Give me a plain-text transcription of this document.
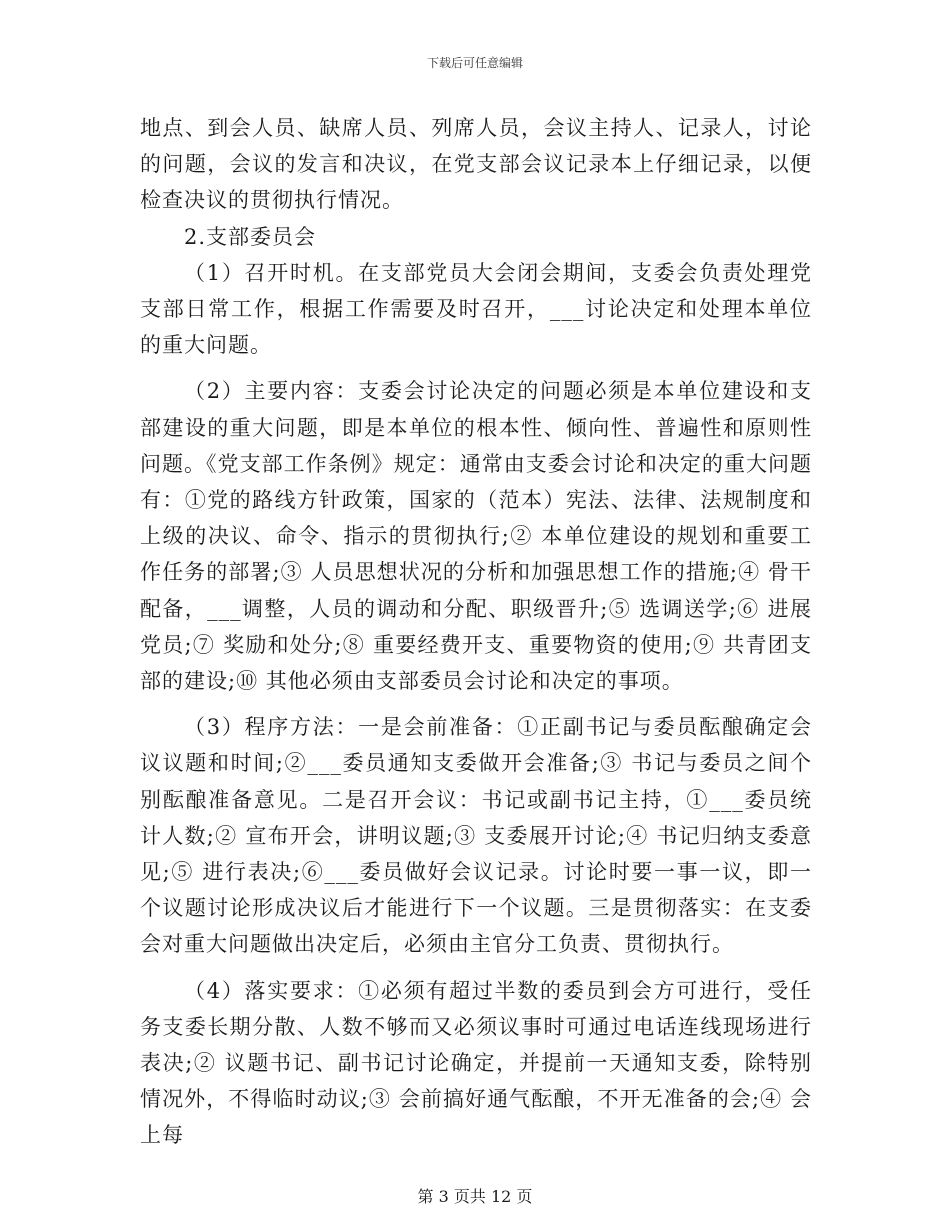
下载后可任意编辑

地点、到会人员、缺席人员、列席人员，会议主持人、记录人，讨论的问题，会议的发言和决议，在党支部会议记录本上仔细记录，以便检查决议的贯彻执行情况。

2.支部委员会

（1）召开时机。在支部党员大会闭会期间，支委会负责处理党支部日常工作，根据工作需要及时召开，___讨论决定和处理本单位的重大问题。

（2）主要内容：支委会讨论决定的问题必须是本单位建设和支部建设的重大问题，即是本单位的根本性、倾向性、普遍性和原则性问题。《党支部工作条例》规定：通常由支委会讨论和决定的重大问题有：①党的路线方针政策，国家的（范本）宪法、法律、法规制度和上级的决议、命令、指示的贯彻执行;② 本单位建设的规划和重要工作任务的部署;③ 人员思想状况的分析和加强思想工作的措施;④ 骨干配备，___调整，人员的调动和分配、职级晋升;⑤ 选调送学;⑥ 进展党员;⑦ 奖励和处分;⑧ 重要经费开支、重要物资的使用;⑨ 共青团支部的建设;⑩ 其他必须由支部委员会讨论和决定的事项。

（3）程序方法：一是会前准备：①正副书记与委员酝酿确定会议议题和时间;②___委员通知支委做开会准备;③ 书记与委员之间个别酝酿准备意见。二是召开会议：书记或副书记主持，①___委员统计人数;② 宣布开会，讲明议题;③ 支委展开讨论;④ 书记归纳支委意见;⑤ 进行表决;⑥___委员做好会议记录。讨论时要一事一议，即一个议题讨论形成决议后才能进行下一个议题。三是贯彻落实：在支委会对重大问题做出决定后，必须由主官分工负责、贯彻执行。

（4）落实要求：①必须有超过半数的委员到会方可进行，受任务支委长期分散、人数不够而又必须议事时可通过电话连线现场进行表决;② 议题书记、副书记讨论确定，并提前一天通知支委，除特别情况外，不得临时动议;③ 会前搞好通气酝酿，不开无准备的会;④ 会上每

第 3 页共 12 页
